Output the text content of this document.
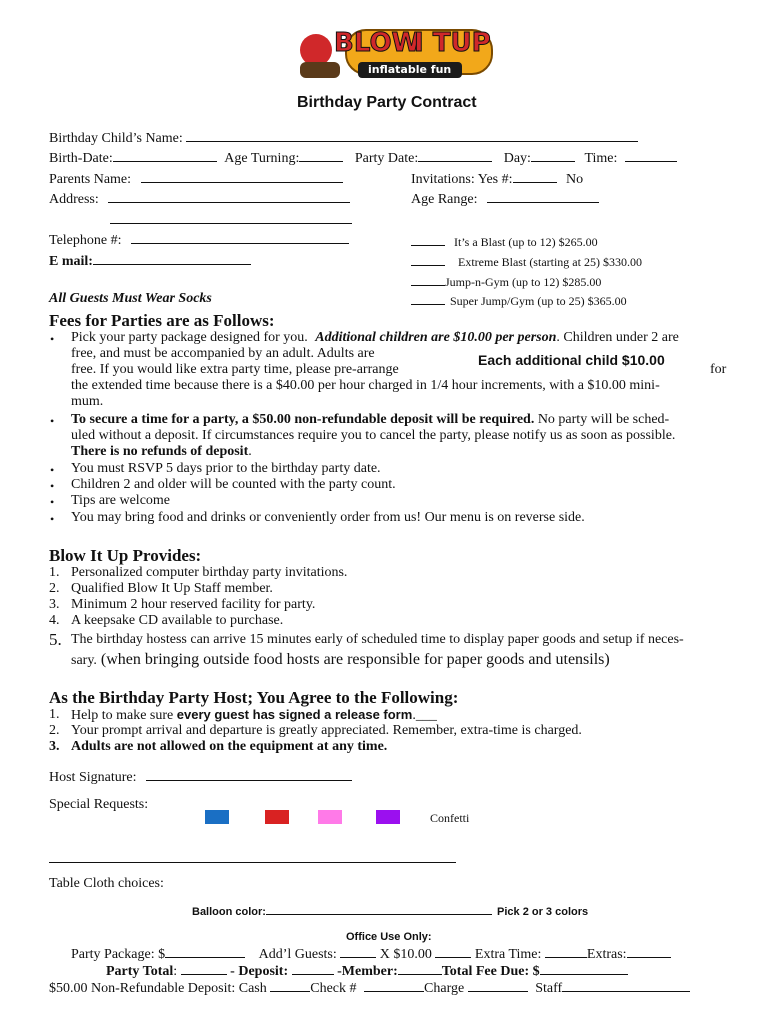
BLOW
I TUP
inflatable fun
Birthday Party Contract
Birthday Child’s Name:
Birth-Date:	Age Turning:	Party Date:	Day:	Time:
Parents Name:	Invitations: Yes #:	No
Address:	Age Range:
Telephone #:
E mail:
All Guests Must Wear Socks
It’s a Blast (up to 12) $265.00
Extreme Blast (starting at 25) $330.00
Jump-n-Gym (up to 12) $285.00
Super Jump/Gym (up to 25) $365.00
Fees for Parties are as Follows:
• Pick your party package designed for you. Additional children are $10.00 per person. Children under 2 are
free, and must be accompanied by an adult. Adults are	Each additional child $10.00
free. If you would like extra party time, please pre-arrange	for
the extended time because there is a $40.00 per hour charged in 1/4 hour increments, with a $10.00 mini-
mum.
• To secure a time for a party, a $50.00 non-refundable deposit will be required. No party will be sched-
uled without a deposit. If circumstances require you to cancel the party, please notify us as soon as possible.
There is no refunds of deposit.
• You must RSVP 5 days prior to the birthday party date.
• Children 2 and older will be counted with the party count.
• Tips are welcome
• You may bring food and drinks or conveniently order from us! Our menu is on reverse side.
Blow It Up Provides:
1. Personalized computer birthday party invitations.
2. Qualified Blow It Up Staff member.
3. Minimum 2 hour reserved facility for party.
4. A keepsake CD available to purchase.
5. The birthday hostess can arrive 15 minutes early of scheduled time to display paper goods and setup if neces-
sary. (when bringing outside food hosts are responsible for paper goods and utensils)
As the Birthday Party Host; You Agree to the Following:
1. Help to make sure every guest has signed a release form.___
2. Your prompt arrival and departure is greatly appreciated. Remember, extra-time is charged.
3. Adults are not allowed on the equipment at any time.
Host Signature:
Special Requests:
Confetti
Table Cloth choices:
Balloon color:	Pick 2 or 3 colors
Office Use Only:
Party Package: $	Add’l Guests:	X $10.00	Extra Time:	Extras:
Party Total:	- Deposit:	-Member:	Total Fee Due: $
$50.00 Non-Refundable Deposit: Cash	Check #	Charge	Staff
